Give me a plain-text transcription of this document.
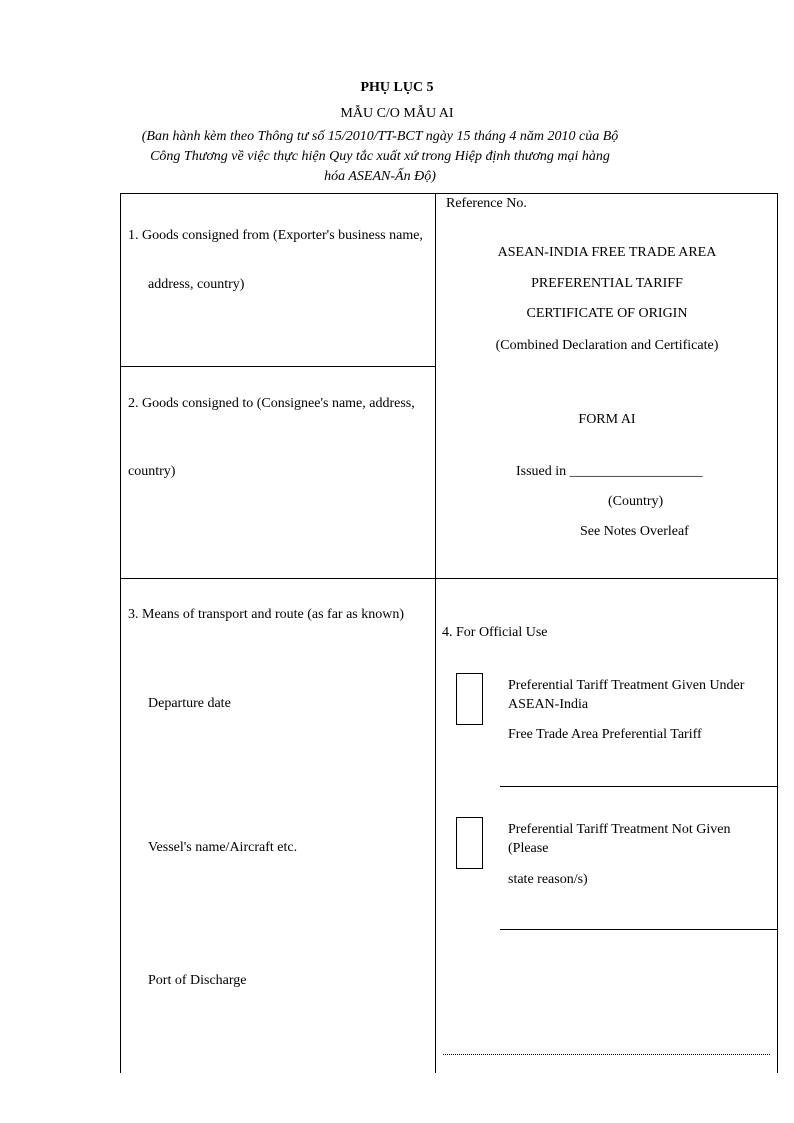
PHỤ LỤC 5
MẪU C/O MẪU AI
(Ban hành kèm theo Thông tư số 15/2010/TT-BCT ngày 15 tháng 4 năm 2010 của Bộ Công Thương về việc thực hiện Quy tắc xuất xứ trong Hiệp định thương mại hàng hóa ASEAN-Ấn Độ)
1. Goods consigned from (Exporter's business name,
address, country)
2. Goods consigned to (Consignee's name, address,
country)
Reference No.
ASEAN-INDIA FREE TRADE AREA
PREFERENTIAL TARIFF
CERTIFICATE OF ORIGIN
(Combined Declaration and Certificate)
FORM AI
Issued in ___________________
(Country)
See Notes Overleaf
3. Means of transport and route (as far as known)
Departure date
Vessel's name/Aircraft etc.
Port of Discharge
4. For Official Use
Preferential Tariff Treatment Given Under ASEAN-India
Free Trade Area Preferential Tariff
Preferential Tariff Treatment Not Given (Please
state reason/s)
